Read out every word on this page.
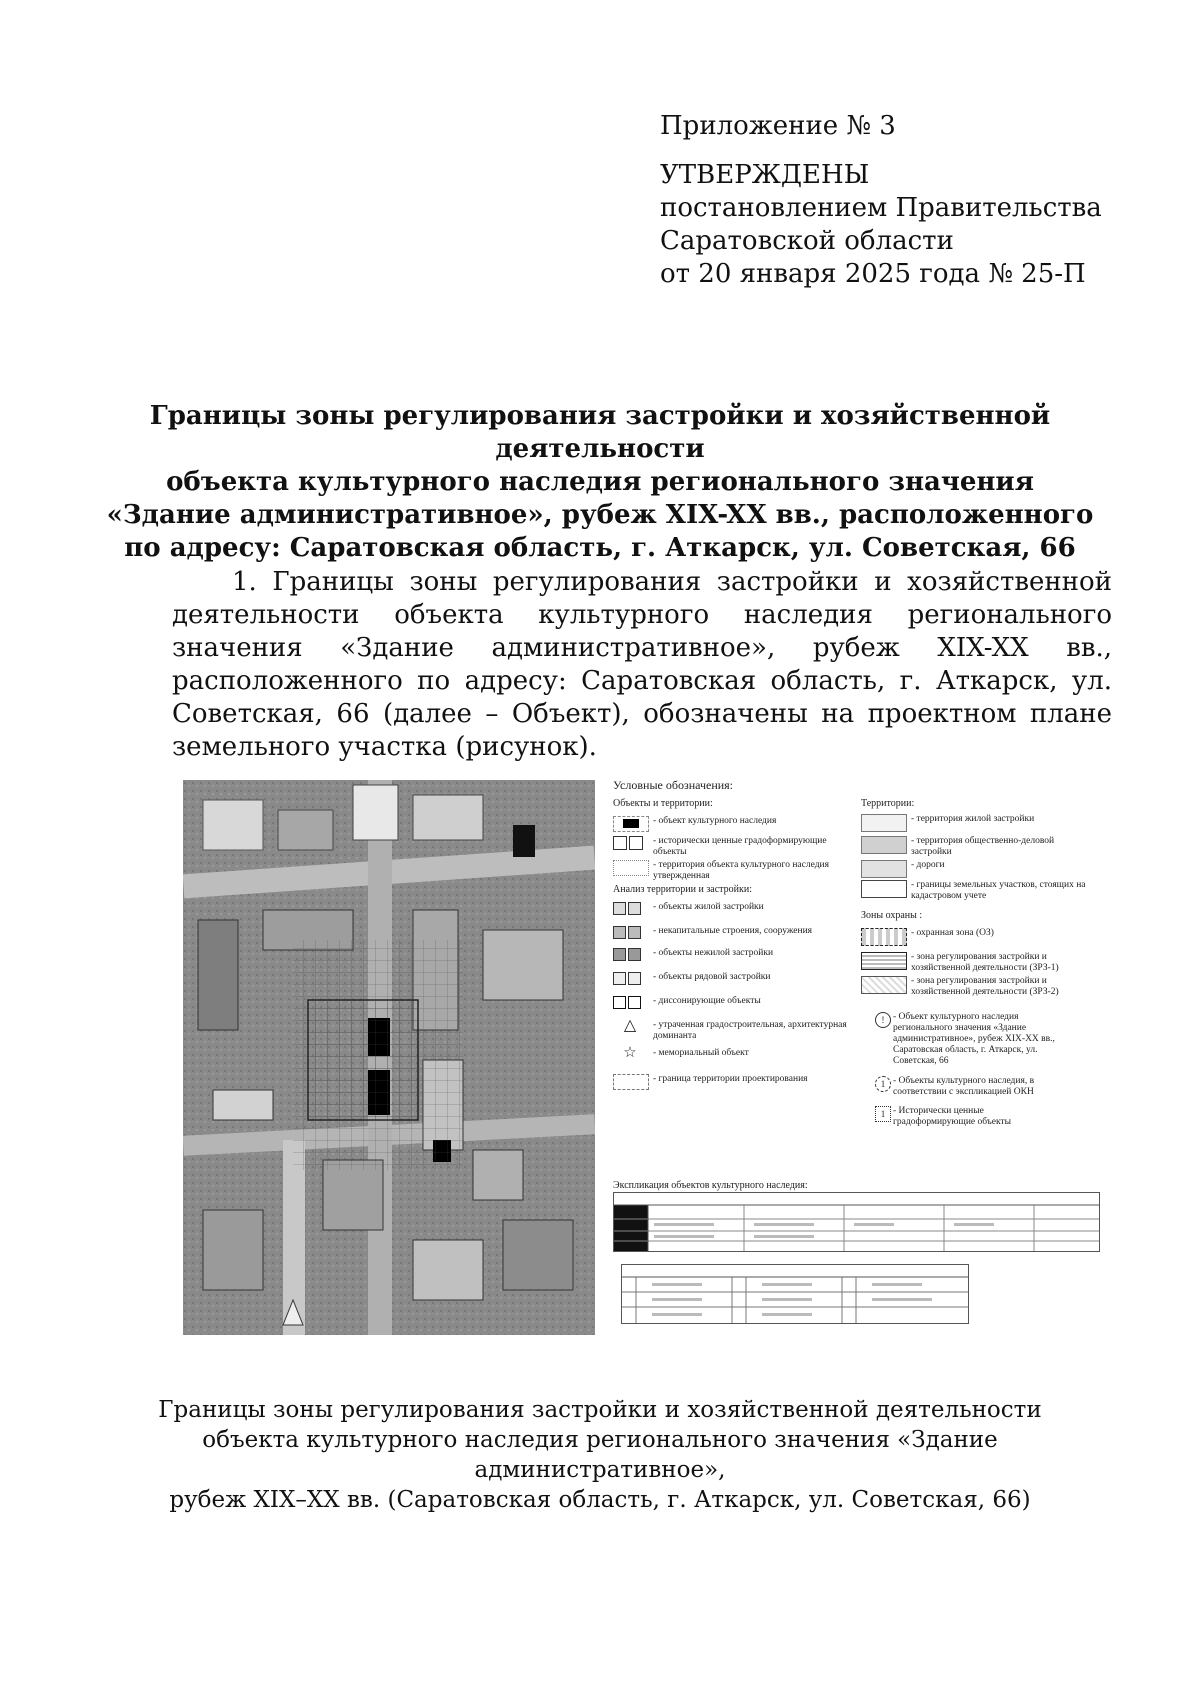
Приложение № 3
УТВЕРЖДЕНЫ
постановлением Правительства
Саратовской области
от 20 января 2025 года № 25-П
Границы зоны регулирования застройки и хозяйственной деятельности
объекта культурного наследия регионального значения
«Здание административное», рубеж XIX-XX вв., расположенного
по адресу: Саратовская область, г. Аткарск, ул. Советская, 66
1. Границы зоны регулирования застройки и хозяйственной деятельности объекта культурного наследия регионального значения «Здание административное», рубеж XIX-XX вв., расположенного по адресу: Саратовская область, г. Аткарск, ул. Советская, 66 (далее – Объект), обозначены на проектном плане земельного участка (рисунок).
Условные обозначения:
Объекты и территории:
- объект культурного наследия

- исторически ценные градоформирующие объекты
- территория объекта культурного наследия утвержденная
Анализ территории и застройки:

- объекты жилой застройки

- некапитальные строения, сооружения

- объекты нежилой застройки

- объекты рядовой застройки

- диссонирующие объекты
△	- утраченная градостроительная, архитектурная доминанта
☆	- мемориальный объект
- граница территории проектирования
Территории:
- территория жилой застройки
- территория общественно-деловой застройки
- дороги
- границы земельных участков, стоящих на кадастровом учете
Зоны охраны :
- охранная зона (ОЗ)
- зона регулирования застройки и хозяйственной деятельности (ЗРЗ-1)
- зона регулирования застройки и хозяйственной деятельности (ЗРЗ-2)
! - Объект культурного наследия регионального значения «Здание административное», рубеж XIX-XX вв., Саратовская область, г. Аткарск, ул. Советская, 66
1 - Объекты культурного наследия, в соответствии с экспликацией ОКН
1 - Исторически ценные градоформирующие объекты
Экспликация объектов культурного наследия:
Границы зоны регулирования застройки и хозяйственной деятельности
объекта культурного наследия регионального значения «Здание административное»,
рубеж XIX–XX вв. (Саратовская область, г. Аткарск, ул. Советская, 66)
